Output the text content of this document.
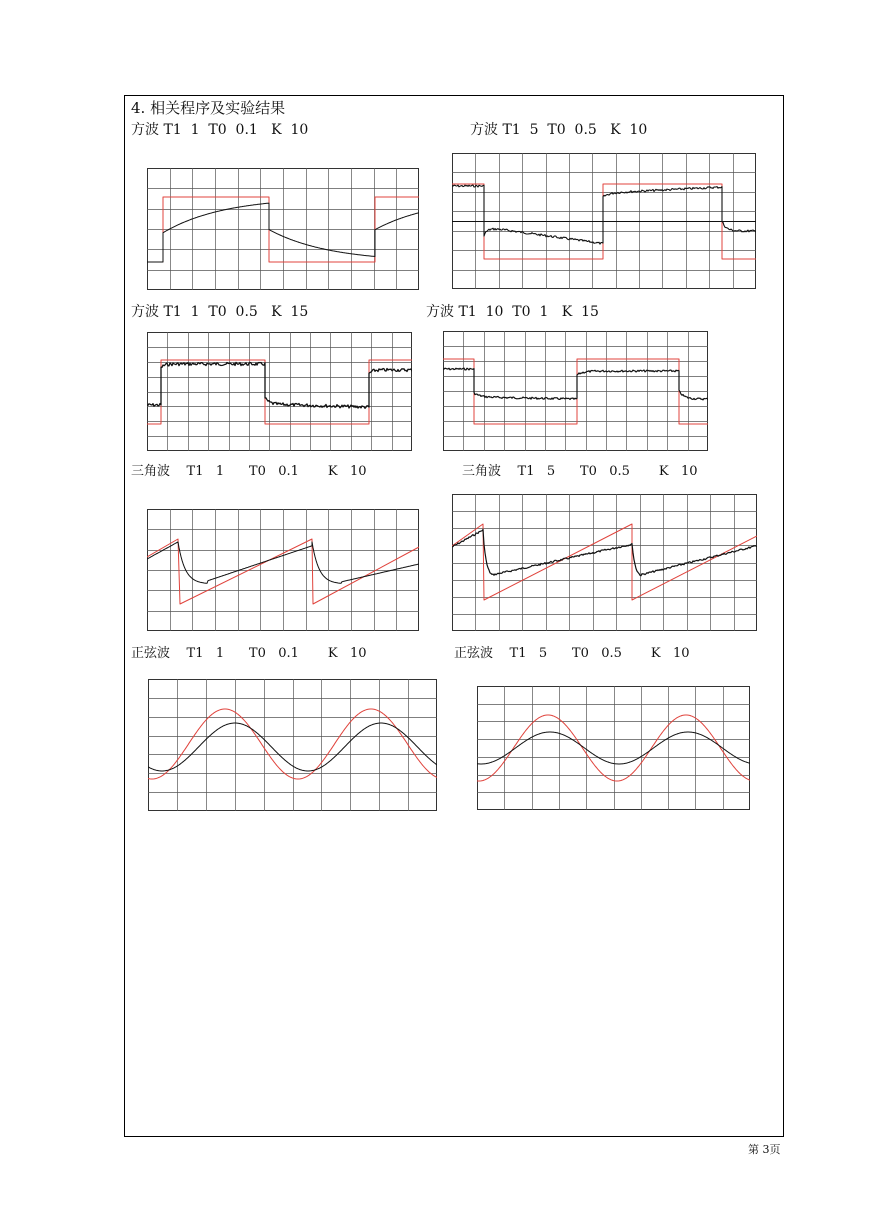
4. 相关程序及实验结果
方波 T1  1  T0  0.1   K  10	方波 T1  5  T0  0.5   K  10
方波 T1  1  T0  0.5   K  15	方波 T1  10  T0  1   K  15
三角波    T1   1      T0   0.1       K   10	三角波    T1   5      T0   0.5       K   10
正弦波    T1   1      T0   0.1       K   10	正弦波    T1   5      T0   0.5       K   10
第 3页
